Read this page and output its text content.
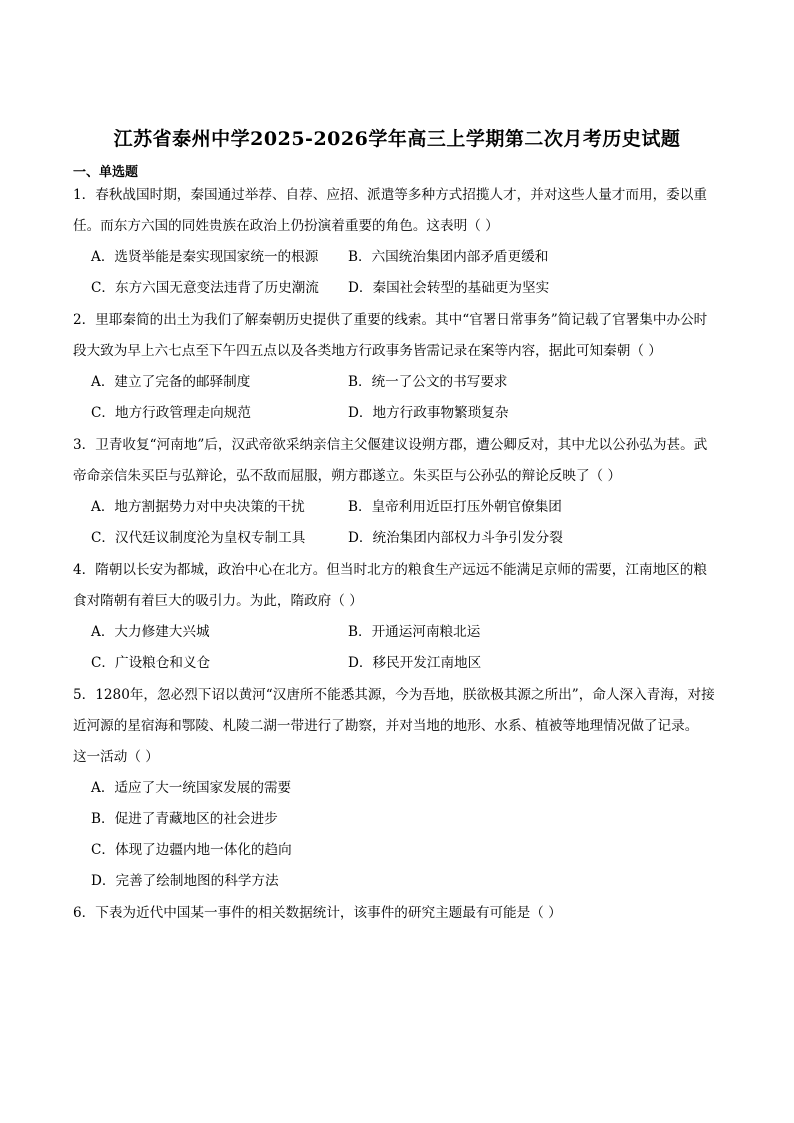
江苏省泰州中学2025-2026学年高三上学期第二次月考历史试题
一、单选题
1．春秋战国时期，秦国通过举荐、自荐、应招、派遣等多种方式招揽人才，并对这些人量才而用，委以重
任。而东方六国的同姓贵族在政治上仍扮演着重要的角色。这表明（ ）
A．选贤举能是秦实现国家统一的根源 B．六国统治集团内部矛盾更缓和
C．东方六国无意变法违背了历史潮流 D．秦国社会转型的基础更为坚实
2．里耶秦简的出土为我们了解秦朝历史提供了重要的线索。其中“官署日常事务”简记载了官署集中办公时
段大致为早上六七点至下午四五点以及各类地方行政事务皆需记录在案等内容，据此可知秦朝（ ）
A．建立了完备的邮驿制度	B．统一了公文的书写要求
C．地方行政管理走向规范	D．地方行政事物繁琐复杂
3．卫青收复“河南地”后，汉武帝欲采纳亲信主父偃建议设朔方郡，遭公卿反对，其中尤以公孙弘为甚。武
帝命亲信朱买臣与弘辩论，弘不敌而屈服，朔方郡遂立。朱买臣与公孙弘的辩论反映了（ ）
A．地方割据势力对中央决策的干扰	B．皇帝利用近臣打压外朝官僚集团
C．汉代廷议制度沦为皇权专制工具	D．统治集团内部权力斗争引发分裂
4．隋朝以长安为都城，政治中心在北方。但当时北方的粮食生产远远不能满足京师的需要，江南地区的粮
食对隋朝有着巨大的吸引力。为此，隋政府（ ）
A．大力修建大兴城	B．开通运河南粮北运
C．广设粮仓和义仓	D．移民开发江南地区
5．1280年，忽必烈下诏以黄河“汉唐所不能悉其源，今为吾地，朕欲极其源之所出”，命人深入青海，对接
近河源的星宿海和鄂陵、札陵二湖一带进行了勘察，并对当地的地形、水系、植被等地理情况做了记录。
这一活动（ ）
A．适应了大一统国家发展的需要
B．促进了青藏地区的社会进步
C．体现了边疆内地一体化的趋向
D．完善了绘制地图的科学方法
6．下表为近代中国某一事件的相关数据统计，该事件的研究主题最有可能是（ ）
